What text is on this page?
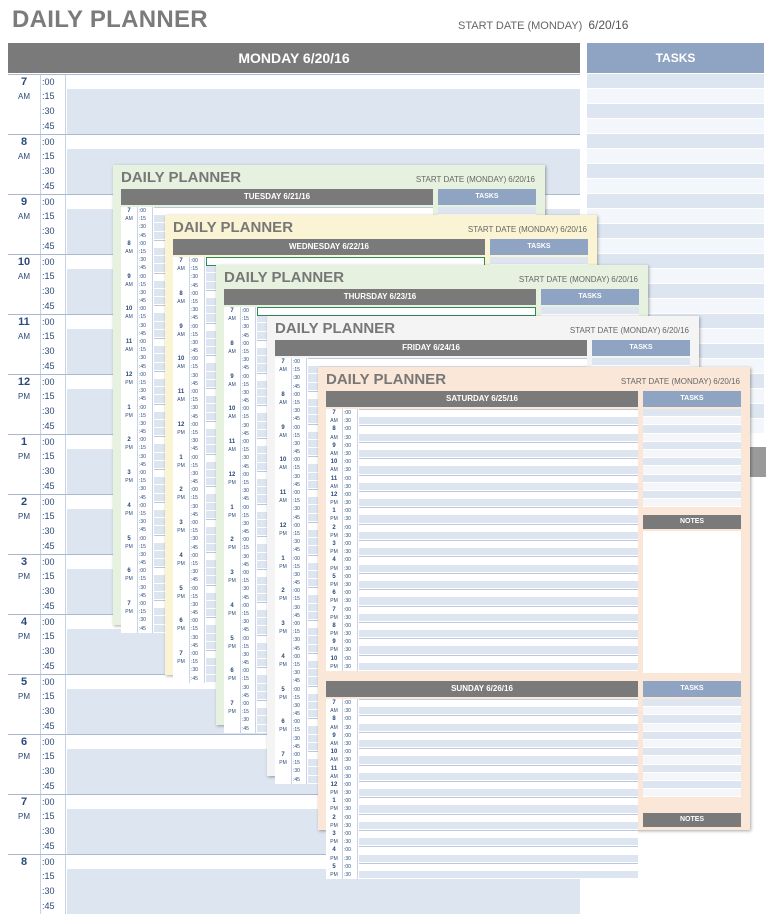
DAILY PLANNER	START DATE (MONDAY) 6/20/16
MONDAY 6/20/16	TASKS
7	:00
AM	:15
:30
:45
8	:00
AM	:15
:30
:45
9	:00
AM	:15
:30
:45
10	:00
AM	:15
:30
:45
11	:00
AM	:15
:30
:45
12	:00
PM	:15
:30
:45
1	:00
PM	:15
:30
:45
2	:00
PM	:15
:30
:45
3	:00
PM	:15
:30
:45
4	:00
PM	:15
:30
:45
5	:00
PM	:15
:30
:45
6	:00
PM	:15
:30
:45
7	:00
PM	:15
:30
:45
8	:00
:15
:30
:45
DAILY PLANNER	START DATE (MONDAY) 6/20/16
TUESDAY 6/21/16	TASKS
7	:00
AM	:15
:30
:45
8	:00
AM	:15
:30
:45
9	:00
AM	:15
:30
:45
10	:00
AM	:15
:30
:45
11	:00
AM	:15
:30
:45
12	:00
PM	:15
:30
:45
1	:00
PM	:15
:30
:45
2	:00
PM	:15
:30
:45
3	:00
PM	:15
:30
:45
4	:00
PM	:15
:30
:45
5	:00
PM	:15
:30
:45
6	:00
PM	:15
:30
:45
7	:00
PM	:15
:30
:45
DAILY PLANNER	START DATE (MONDAY) 6/20/16
WEDNESDAY 6/22/16	TASKS
7	:00
AM	:15
:30
:45
8	:00
AM	:15
:30
:45
9	:00
AM	:15
:30
:45
10	:00
AM	:15
:30
:45
11	:00
AM	:15
:30
:45
12	:00
PM	:15
:30
:45
1	:00
PM	:15
:30
:45
2	:00
PM	:15
:30
:45
3	:00
PM	:15
:30
:45
4	:00
PM	:15
:30
:45
5	:00
PM	:15
:30
:45
6	:00
PM	:15
:30
:45
7	:00
PM	:15
:30
:45
DAILY PLANNER	START DATE (MONDAY) 6/20/16
THURSDAY 6/23/16	TASKS
7	:00
AM	:15
:30
:45
8	:00
AM	:15
:30
:45
9	:00
AM	:15
:30
:45
10	:00
AM	:15
:30
:45
11	:00
AM	:15
:30
:45
12	:00
PM	:15
:30
:45
1	:00
PM	:15
:30
:45
2	:00
PM	:15
:30
:45
3	:00
PM	:15
:30
:45
4	:00
PM	:15
:30
:45
5	:00
PM	:15
:30
:45
6	:00
PM	:15
:30
:45
7	:00
PM	:15
:30
:45
DAILY PLANNER	START DATE (MONDAY) 6/20/16
FRIDAY 6/24/16	TASKS
7	:00
AM	:15
:30
:45
8	:00
AM	:15
:30
:45
9	:00
AM	:15
:30
:45
10	:00
AM	:15
:30
:45
11	:00
AM	:15
:30
:45
12	:00
PM	:15
:30
:45
1	:00
PM	:15
:30
:45
2	:00
PM	:15
:30
:45
3	:00
PM	:15
:30
:45
4	:00
PM	:15
:30
:45
5	:00
PM	:15
:30
:45
6	:00
PM	:15
:30
:45
7	:00
PM	:15
:30
:45
DAILY PLANNER	START DATE (MONDAY) 6/20/16
SATURDAY 6/25/16	TASKS
7	:00
AM	:30
8	:00
AM	:30
9	:00
AM	:30
10	:00
AM	:30
11	:00
AM	:30
12	:00
PM	:30
1	:00
PM	:30
2	:00
PM	:30
3	:00
PM	:30
4	:00
PM	:30
5	:00
PM	:30
6	:00
PM	:30
7	:00
PM	:30
8	:00
PM	:30
9	:00
PM	:30
10	:00
PM	:30
NOTES
SUNDAY 6/26/16	TASKS
7	:00
AM	:30
8	:00
AM	:30
9	:00
AM	:30
10	:00
AM	:30
11	:00
AM	:30
12	:00
PM	:30
1	:00
PM	:30
2	:00
PM	:30
3	:00
PM	:30
4	:00
PM	:30
5	:00
PM	:30
NOTES
